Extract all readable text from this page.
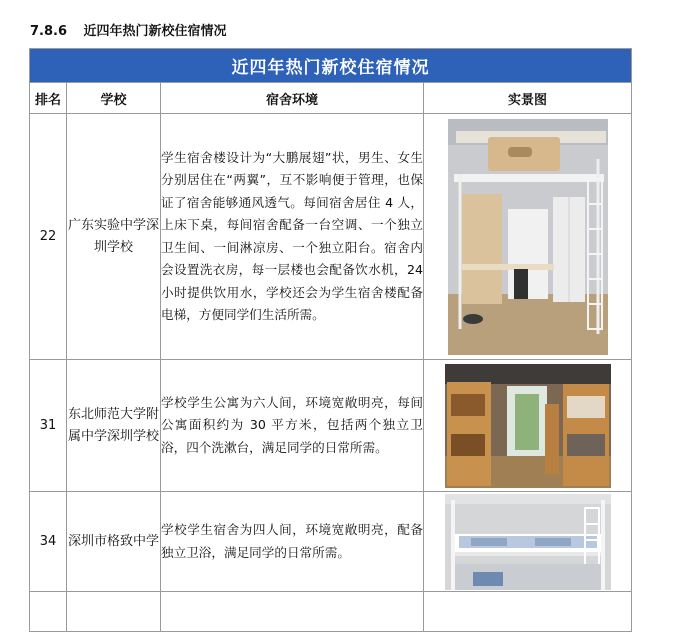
7.8.6 近四年热门新校住宿情况
近四年热门新校住宿情况			
排名	学校	宿舍环境	实景图
22	广东实验中学深圳学校	学生宿舍楼设计为“大鹏展翅”状，男生、女生分别居住在“两翼”，互不影响便于管理，也保证了宿舍能够通风透气。每间宿舍居住 4 人，上床下桌，每间宿舍配备一台空调、一个独立卫生间、一间淋凉房、一个独立阳台。宿舍内会设置洗衣房，每一层楼也会配备饮水机，24 小时提供饮用水，学校还会为学生宿舍楼配备电梯，方便同学们生活所需。	

31	东北师范大学附属中学深圳学校	学校学生公寓为六人间，环境宽敞明亮，每间公寓面积约为 30 平方米，包括两个独立卫浴，四个洗漱台，满足同学的日常所需。	

34	深圳市格致中学	学校学生宿舍为四人间，环境宽敞明亮，配备独立卫浴，满足同学的日常所需。	
